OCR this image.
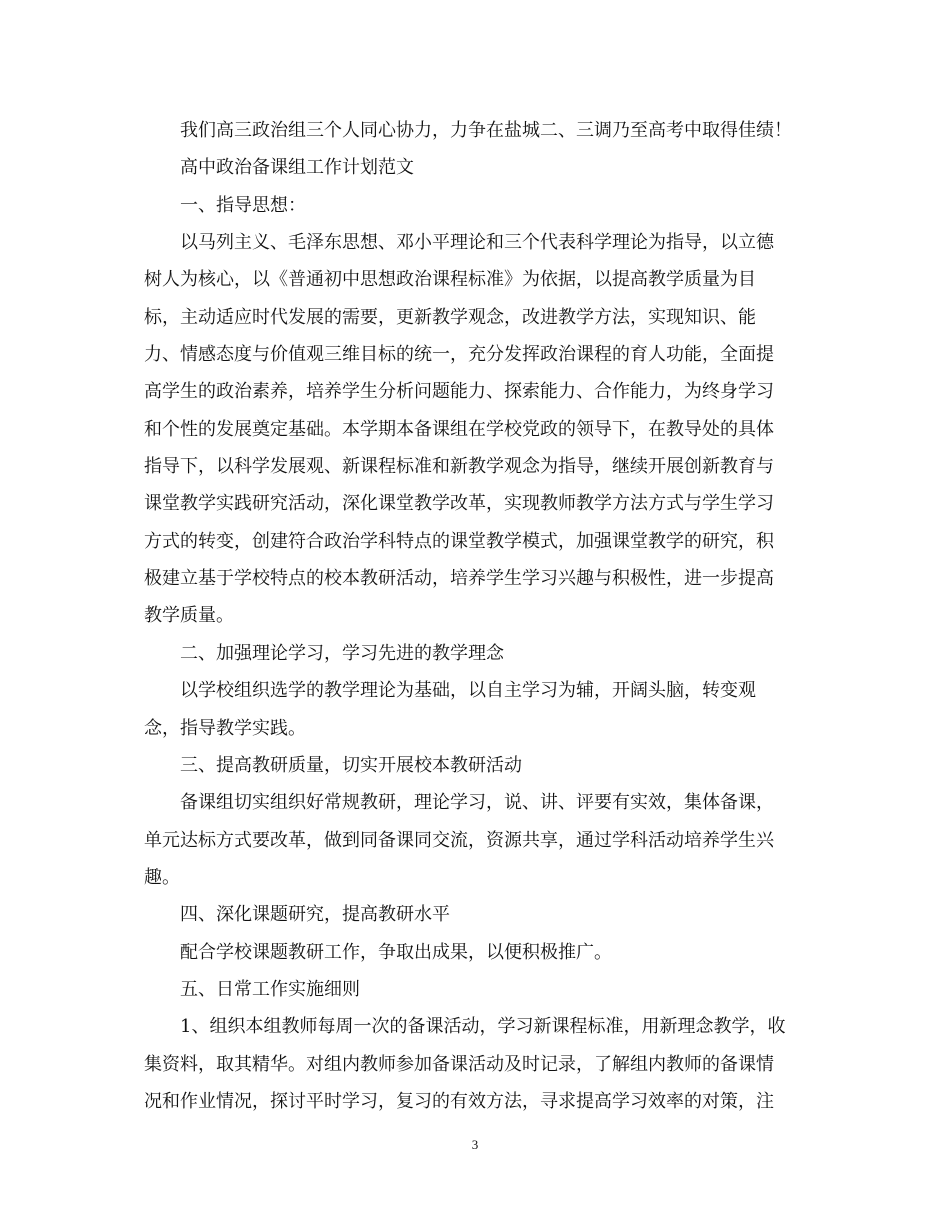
我们高三政治组三个人同心协力，力争在盐城二、三调乃至高考中取得佳绩！
高中政治备课组工作计划范文
一、指导思想：
以马列主义、毛泽东思想、邓小平理论和三个代表科学理论为指导，以立德
树人为核心，以《普通初中思想政治课程标准》为依据，以提高教学质量为目
标，主动适应时代发展的需要，更新教学观念，改进教学方法，实现知识、能
力、情感态度与价值观三维目标的统一，充分发挥政治课程的育人功能，全面提
高学生的政治素养，培养学生分析问题能力、探索能力、合作能力，为终身学习
和个性的发展奠定基础。本学期本备课组在学校党政的领导下，在教导处的具体
指导下，以科学发展观、新课程标准和新教学观念为指导，继续开展创新教育与
课堂教学实践研究活动，深化课堂教学改革，实现教师教学方法方式与学生学习
方式的转变，创建符合政治学科特点的课堂教学模式，加强课堂教学的研究，积
极建立基于学校特点的校本教研活动，培养学生学习兴趣与积极性，进一步提高
教学质量。
二、加强理论学习，学习先进的教学理念
以学校组织选学的教学理论为基础，以自主学习为辅，开阔头脑，转变观
念，指导教学实践。
三、提高教研质量，切实开展校本教研活动
备课组切实组织好常规教研，理论学习，说、讲、评要有实效，集体备课，
单元达标方式要改革，做到同备课同交流，资源共享，通过学科活动培养学生兴
趣。
四、深化课题研究，提高教研水平
配合学校课题教研工作，争取出成果，以便积极推广。
五、日常工作实施细则
1、组织本组教师每周一次的备课活动，学习新课程标准，用新理念教学，收
集资料，取其精华。对组内教师参加备课活动及时记录，了解组内教师的备课情
况和作业情况，探讨平时学习，复习的有效方法，寻求提高学习效率的对策，注
3
